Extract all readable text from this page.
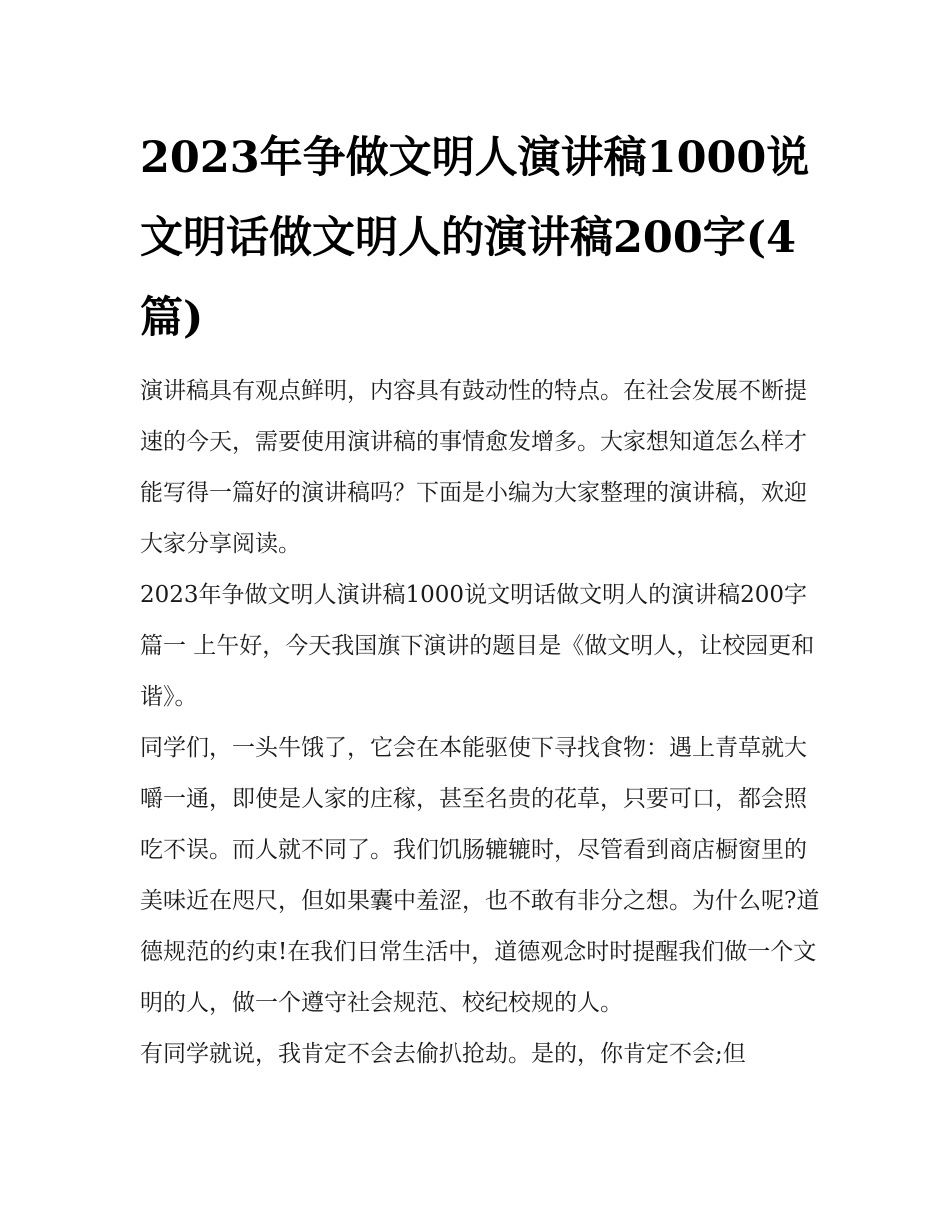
2023年争做文明人演讲稿1000说文明话做文明人的演讲稿200字(4篇)

演讲稿具有观点鲜明，内容具有鼓动性的特点。在社会发展不断提速的今天，需要使用演讲稿的事情愈发增多。大家想知道怎么样才能写得一篇好的演讲稿吗？下面是小编为大家整理的演讲稿，欢迎大家分享阅读。

2023年争做文明人演讲稿1000说文明话做文明人的演讲稿200字篇一 上午好，今天我国旗下演讲的题目是《做文明人，让校园更和谐》。

同学们，一头牛饿了，它会在本能驱使下寻找食物：遇上青草就大嚼一通，即使是人家的庄稼，甚至名贵的花草，只要可口，都会照吃不误。而人就不同了。我们饥肠辘辘时，尽管看到商店橱窗里的美味近在咫尺，但如果囊中羞涩，也不敢有非分之想。为什么呢?道德规范的约束!在我们日常生活中，道德观念时时提醒我们做一个文明的人，做一个遵守社会规范、校纪校规的人。

有同学就说，我肯定不会去偷扒抢劫。是的，你肯定不会;但
